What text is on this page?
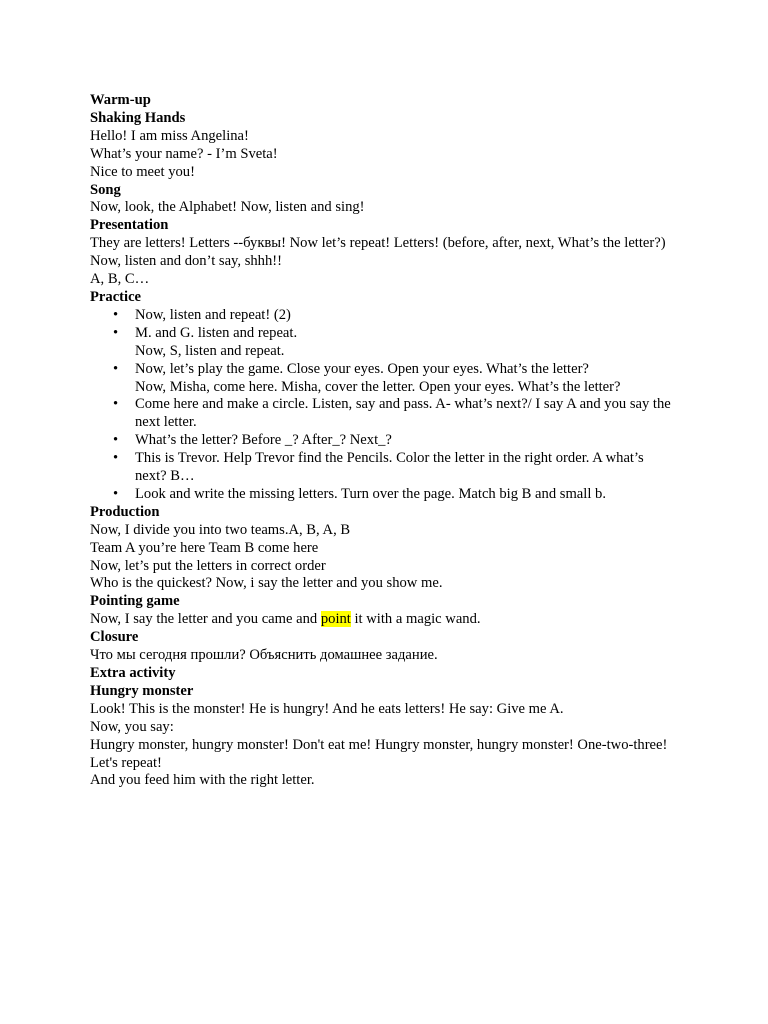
Warm-up

Shaking Hands

Hello! I am miss Angelina!

What’s your name? - I’m Sveta!

Nice to meet you!

Song

Now, look, the Alphabet! Now, listen and sing!

Presentation

They are letters! Letters --буквы! Now let’s repeat! Letters! (before, after, next, What’s the letter?)

Now, listen and don’t say, shhh!!

A, B, C…

Practice

• Now, listen and repeat! (2)
• M. and G. listen and repeat.
Now, S, listen and repeat.
• Now, let’s play the game. Close your eyes. Open your eyes. What’s the letter?
Now, Misha, come here. Misha, cover the letter. Open your eyes. What’s the letter?
• Come here and make a circle. Listen, say and pass. A- what’s next?/ I say A and you say the next letter.
• What’s the letter? Before _? After_? Next_?
• This is Trevor. Help Trevor find the Pencils. Color the letter in the right order. A what’s next? B…
• Look and write the missing letters. Turn over the page. Match big B and small b.

Production

Now, I divide you into two teams.A, B, A, B

Team A you’re here Team B come here

Now, let’s put the letters in correct order

Who is the quickest? Now, i say the letter and you show me.

Pointing game

Now, I say the letter and you came and point it with a magic wand.

Closure

Что мы сегодня прошли? Объяснить домашнее задание.

Extra activity

Hungry monster

Look! This is the monster! He is hungry! And he eats letters! He say: Give me A.

Now, you say:

Hungry monster, hungry monster! Don't eat me! Hungry monster, hungry monster! One-two-three! Let's repeat!

And you feed him with the right letter.
